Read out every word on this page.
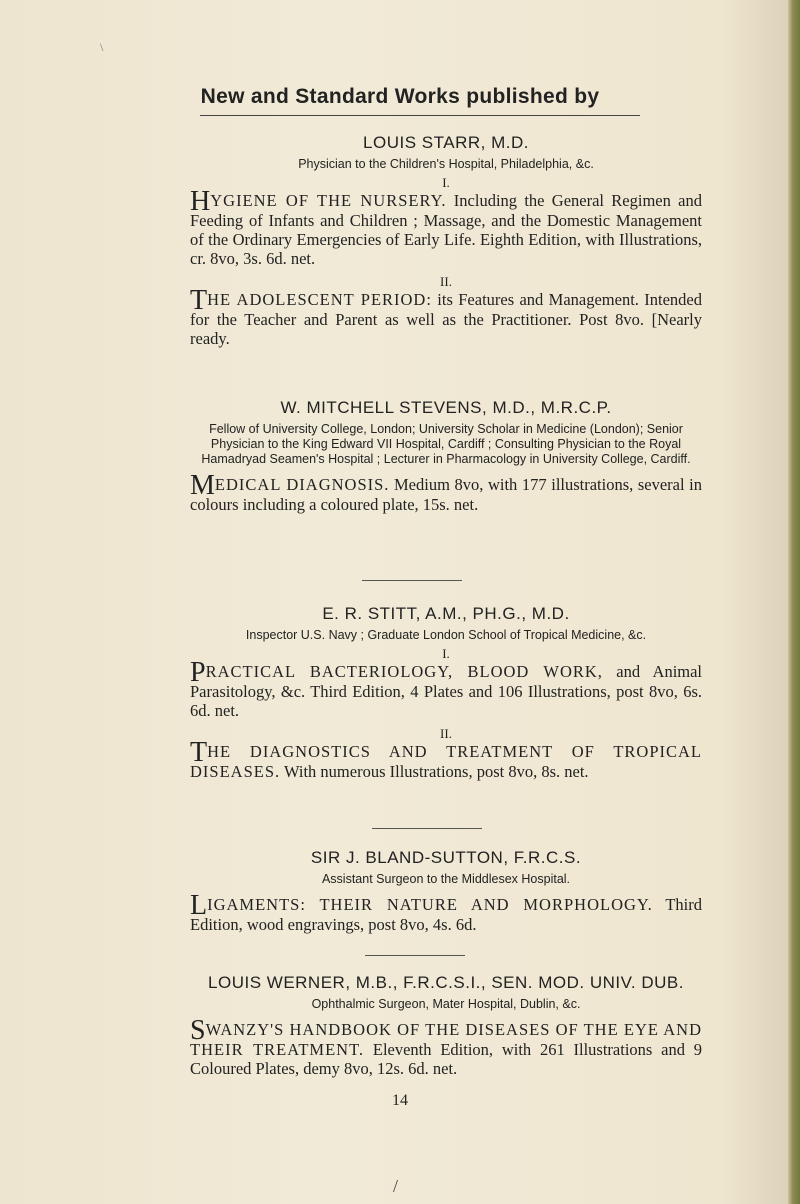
\
New and Standard Works published by
LOUIS STARR, M.D.
Physician to the Children's Hospital, Philadelphia, &c.
I.

HYGIENE OF THE NURSERY. Including the General Regimen and Feeding of Infants and Children ; Massage, and the Domestic Management of the Ordinary Emergencies of Early Life. Eighth Edition, with Illustrations, cr. 8vo, 3s. 6d. net.

II.

THE ADOLESCENT PERIOD: its Features and Management. Intended for the Teacher and Parent as well as the Practitioner. Post 8vo. [Nearly ready.

W. MITCHELL STEVENS, M.D., M.R.C.P.
Fellow of University College, London; University Scholar in Medicine (London); Senior Physician to the King Edward VII Hospital, Cardiff ; Consulting Physician to the Royal Hamadryad Seamen's Hospital ; Lecturer in Pharmacology in University College, Cardiff.

MEDICAL DIAGNOSIS. Medium 8vo, with 177 illustrations, several in colours including a coloured plate, 15s. net.

E. R. STITT, A.M., PH.G., M.D.
Inspector U.S. Navy ; Graduate London School of Tropical Medicine, &c.
I.

PRACTICAL BACTERIOLOGY, BLOOD WORK, and Animal Parasitology, &c. Third Edition, 4 Plates and 106 Illustrations, post 8vo, 6s. 6d. net.

II.

THE DIAGNOSTICS AND TREATMENT OF TROPICAL DISEASES. With numerous Illustrations, post 8vo, 8s. net.

SIR J. BLAND-SUTTON, F.R.C.S.
Assistant Surgeon to the Middlesex Hospital.

LIGAMENTS: THEIR NATURE AND MORPHOLOGY. Third Edition, wood engravings, post 8vo, 4s. 6d.

LOUIS WERNER, M.B., F.R.C.S.I., SEN. MOD. UNIV. DUB.
Ophthalmic Surgeon, Mater Hospital, Dublin, &c.

SWANZY'S HANDBOOK OF THE DISEASES OF THE EYE AND THEIR TREATMENT. Eleventh Edition, with 261 Illustrations and 9 Coloured Plates, demy 8vo, 12s. 6d. net.

14
/
